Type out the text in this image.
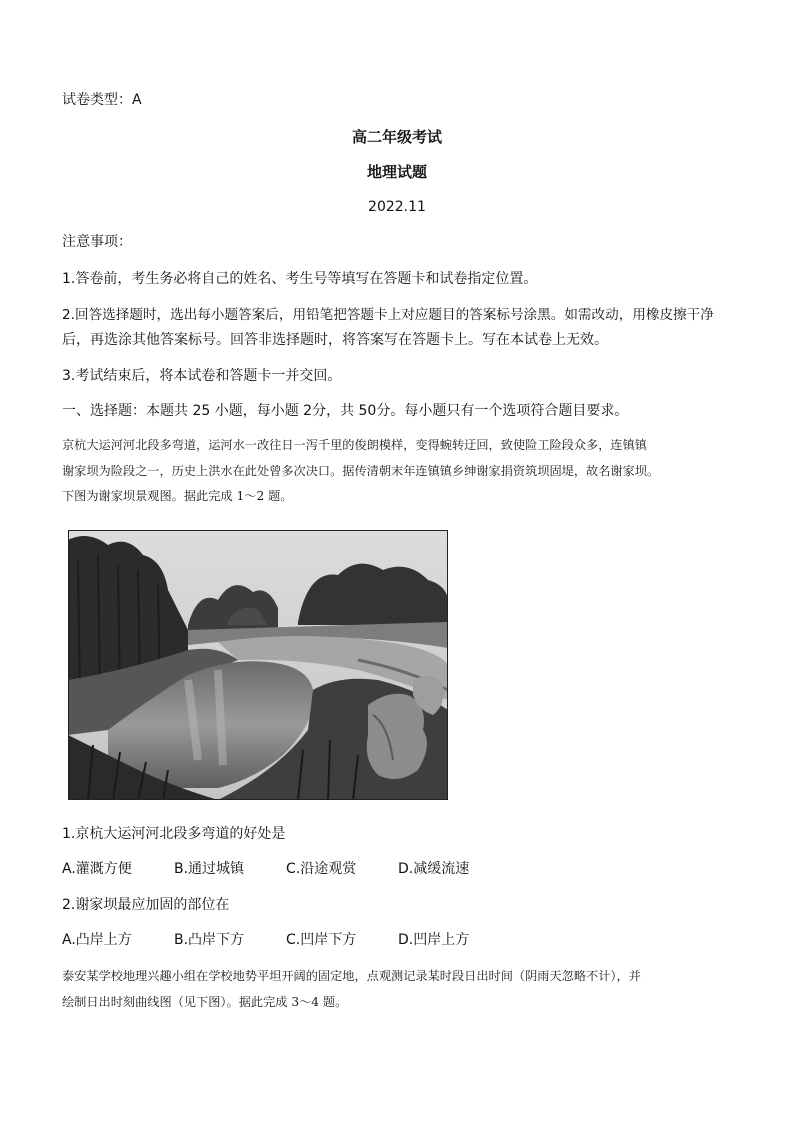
试卷类型：A
高二年级考试
地理试题
2022.11
注意事项：
1.答卷前，考生务必将自己的姓名、考生号等填写在答题卡和试卷指定位置。
2.回答选择题时，选出每小题答案后，用铅笔把答题卡上对应题目的答案标号涂黑。如需改动，用橡皮擦干净
后，再选涂其他答案标号。回答非选择题时，将答案写在答题卡上。写在本试卷上无效。
3.考试结束后，将本试卷和答题卡一并交回。
一、选择题：本题共 25 小题，每小题 2分，共 50分。每小题只有一个选项符合题目要求。
京杭大运河河北段多弯道，运河水一改往日一泻千里的俊朗模样，变得蜿转迂回，致使险工险段众多，连镇镇
谢家坝为险段之一，历史上洪水在此处曾多次决口。据传清朝末年连镇镇乡绅谢家捐资筑坝固堤，故名谢家坝。
下图为谢家坝景观图。据此完成 1～2 题。
1.京杭大运河河北段多弯道的好处是
A.灌溉方便	B.通过城镇	C.沿途观赏	D.减缓流速
2.谢家坝最应加固的部位在
A.凸岸上方	B.凸岸下方	C.凹岸下方	D.凹岸上方
泰安某学校地理兴趣小组在学校地势平坦开阔的固定地，点观测记录某时段日出时间（阴雨天忽略不计），并
绘制日出时刻曲线图（见下图）。据此完成 3～4 题。
